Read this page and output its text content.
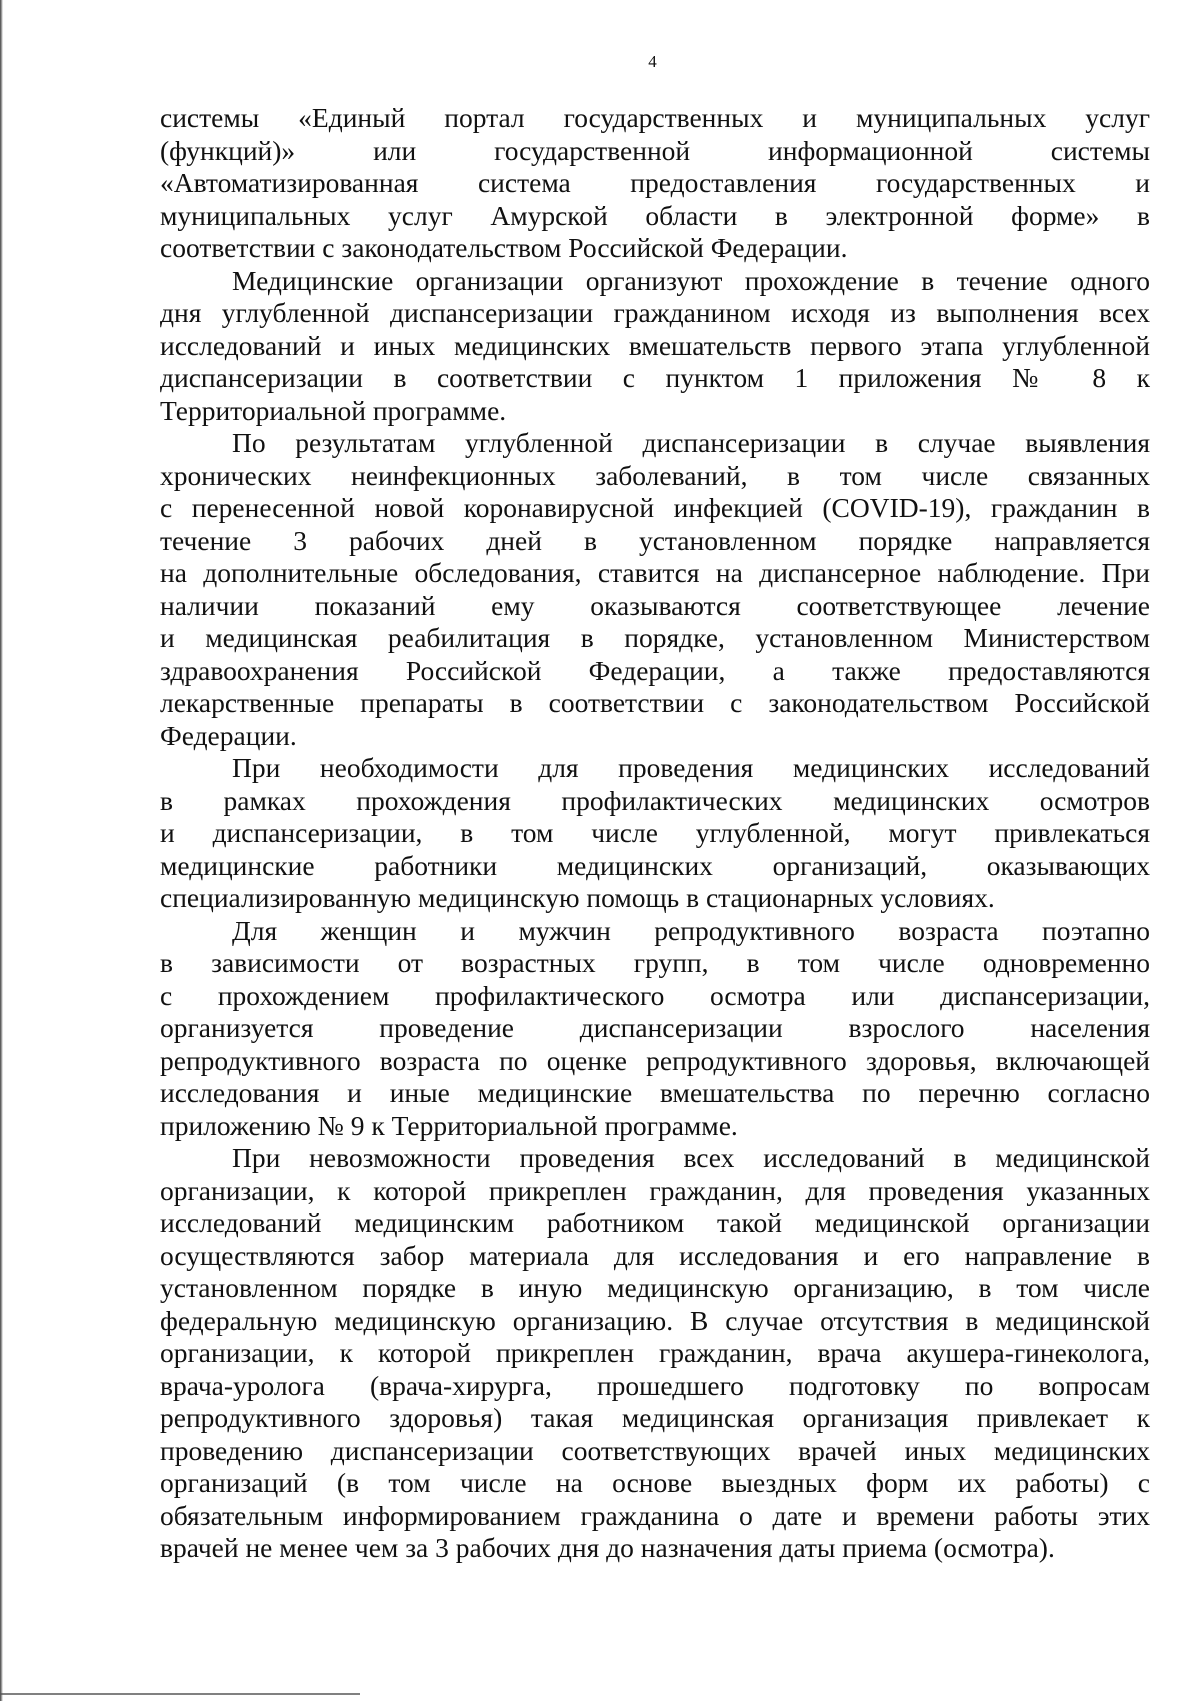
4
системы «Единый портал государственных и муниципальных услуг
(функций)» или государственной информационной системы
«Автоматизированная система предоставления государственных и
муниципальных услуг Амурской области в электронной форме» в
соответствии с законодательством Российской Федерации.
Медицинские организации организуют прохождение в течение одного
дня углубленной диспансеризации гражданином исходя из выполнения всех
исследований и иных медицинских вмешательств первого этапа углубленной
диспансеризации в соответствии с пунктом 1 приложения № 8 к
Территориальной программе.
По результатам углубленной диспансеризации в случае выявления
хронических неинфекционных заболеваний, в том числе связанных
с перенесенной новой коронавирусной инфекцией (COVID-19), гражданин в
течение 3 рабочих дней в установленном порядке направляется
на дополнительные обследования, ставится на диспансерное наблюдение. При
наличии показаний ему оказываются соответствующее лечение
и медицинская реабилитация в порядке, установленном Министерством
здравоохранения Российской Федерации, а также предоставляются
лекарственные препараты в соответствии с законодательством Российской
Федерации.
При необходимости для проведения медицинских исследований
в рамках прохождения профилактических медицинских осмотров
и диспансеризации, в том числе углубленной, могут привлекаться
медицинские работники медицинских организаций, оказывающих
специализированную медицинскую помощь в стационарных условиях.
Для женщин и мужчин репродуктивного возраста поэтапно
в зависимости от возрастных групп, в том числе одновременно
с прохождением профилактического осмотра или диспансеризации,
организуется проведение диспансеризации взрослого населения
репродуктивного возраста по оценке репродуктивного здоровья, включающей
исследования и иные медицинские вмешательства по перечню согласно
приложению № 9 к Территориальной программе.
При невозможности проведения всех исследований в медицинской
организации, к которой прикреплен гражданин, для проведения указанных
исследований медицинским работником такой медицинской организации
осуществляются забор материала для исследования и его направление в
установленном порядке в иную медицинскую организацию, в том числе
федеральную медицинскую организацию. В случае отсутствия в медицинской
организации, к которой прикреплен гражданин, врача акушера-гинеколога,
врача-уролога (врача-хирурга, прошедшего подготовку по вопросам
репродуктивного здоровья) такая медицинская организация привлекает к
проведению диспансеризации соответствующих врачей иных медицинских
организаций (в том числе на основе выездных форм их работы) с
обязательным информированием гражданина о дате и времени работы этих
врачей не менее чем за 3 рабочих дня до назначения даты приема (осмотра).
